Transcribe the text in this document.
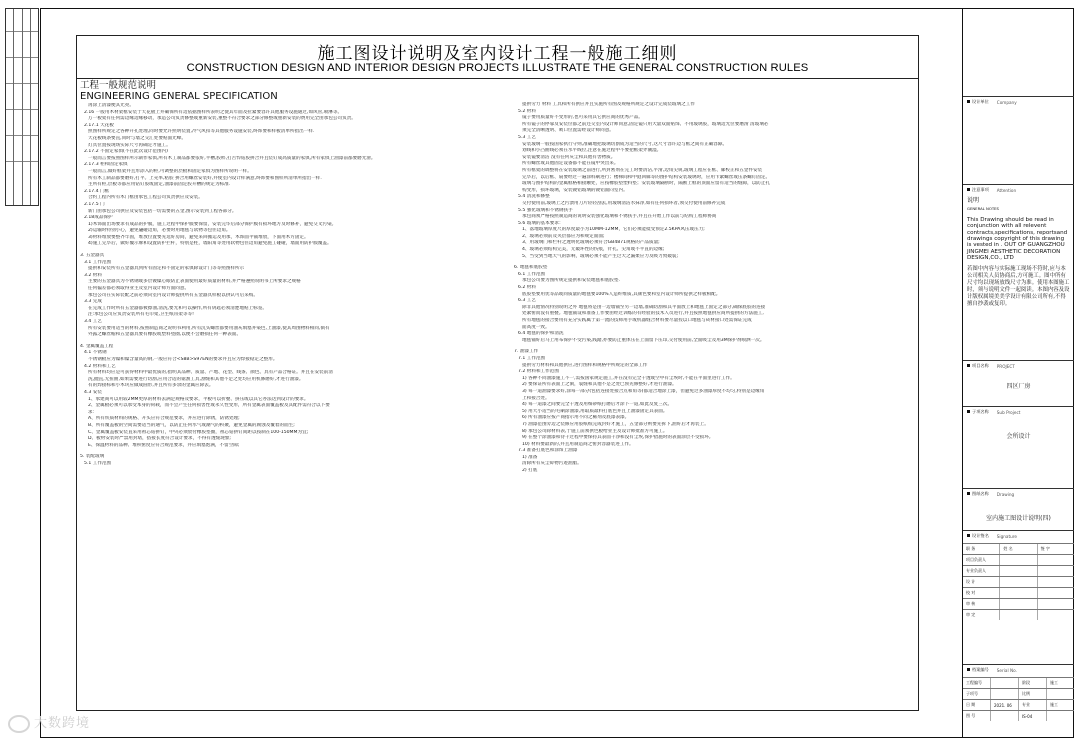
施工图设计说明及室内设计工程一般施工细则
CONSTRUCTION DESIGN AND INTERIOR DESIGN PROJECTS ILLUSTRATE THE GENERAL CONSTRUCTION RULES
工程一般规范说明
ENGINEERING GENERAL SPECIFICATION
再涂上清漆便其光亮。
2.16 一般用木材架框安装于天花板上并确保所有边依据图样所表明之使其年面及拉紧要容许其他服务设施通过,如风管,喷淋等。
万一板架有任何需边缘边缘移动，承造公司负责修整或重新安装,重整不符合要求之部分修整或重新安装的费用完全由承包公司负责。
2.17.1 天花板
照图样所规定之各种开孔处理,同时要允许照明装置,冷气风扣等其他服务设施安装,终饰要和样板清单所指出一样.
天花板线条要直,同时与墙之交汇处要贴面光峰。
灯具位置按现场实际尺寸再确定才施工。
2.17.2 不固定家俱(不在此次设计范围内)
一般而言要按照图样所示制作家俱,所有木工制品都要依好,平槽,胶粹,打舌悍钻胶拼合并且装钉成高质量的家俱,所有家俱上油漆前都要磨光滑。
2.17.3 柜和固定家俱
一般而言,做好框架并且形添入的柜,可调整的层板和固定家俱为图样所说明一样。
所有木工制品都要磨好,打平。上壳率,粘胶 拼合用螺丝安装好,并使室内设计样满意,终饰要和图样所清单所指出一样.
主所有柜,层板等都应用钻钉胶或固定,油漆前固定胶开槽的规定为标准.
2.17.4 门框
合约工程内所有木门框由承包工程公司负责供应及安装。
2.17.5 门
新门由承包公司供应及安装包括一切需要的五金,图示安装到工程各部分。
2.18成品保护
1)木饰面出场要求有成品的护膜，施工过程中保护膜要保留，安装完毕后部分保护膜有损坏地方及时修补，避免交叉污染。
2)运输时特别小心，避免磕碰边角，必要时用地毯与软物等包住边角。
3)材料堆放要整齐牢固，堆放位置要先选好房间，避免来回搬运及用承，木饰面平铺堆放，下面用木方固定。
4)施工完毕后，做好覆示牌和设置防护拦杆，特别是柱，墙阳角等处用软物包住边角避免施工碰碰，墙面用防护膜覆盖。
3. 五金器具
3.1 工作范围
提供和安装所有五金器具到所有固定和不固定的家俱除设计门等等照图样所示
3.2 材料
主要的五金器具为不锈钢或多层镀镍心眼防止表面使用最好质量的材料,并严格遵照说明书上所要求之规格
任何偏差都必须取得业主及室内设计师方面同意。
承包公司在实际装配之前必须向室内设计师提供所有五金器具样板以供认可后采购。
3.3 完成
在完成工作时所有五金器都被擦油,清洗,要光和可以操作,所有钥匙必须清楚地贴上标签。
注:承包公司应负责安装所有毛巾架,卫生纸吊架等等!
3.4 工艺
所有安装要用适当的材料,按照制造商之说明书利用,所有沉头螺丝都要用油灰填塞并染色,上油漆,使其周围物料相同,倘有
外露之螺丝帽和五金器具要有橡胶或塑料垫圈,以便不会磨损任何一种表面。
4. 金属覆盖工程
4.1 不锈钢
不锈钢板应为镍和镍含量高的钢,一般应符合<S8B>S97EN的要求并且应为焊接稳定之整形。
4.2 材料和工艺
所有材料均应是可获得材料中最优质的,指明其品种、质量、产地、花型、线条、颜色、具有产品合格证。并且在安装前清
洗,抛直,无扭曲,如果需要进行切割,应用合适的锯割工具,割缝和其他不足之处均应用机修磨好,才进行油漆。
有的焊接标和小木块应做成圆形,并且所有多余的金属应除去。
4.3 安装
1、承建商可以用较2MM更厚的材料去满足规格及要求，平板可以折叠、挤压或以其它办法达到设计的要求。
2、金属板必须可以承受本身的荷载，而不会产生任何损害性或永久性变形，所有金属表面覆盖板及其配件需符合以下要
求：
A、所有铁质材料的规格、开头应符合规范要求，并应进行除锈，防锈处理;
B、所有覆盖板的空间需要适当的通气，以防止任何水气或潮气的积聚，避免金属的腐蚀及覆着的面生;
C、金属覆盖板安装直采用祖芯钻拼钉，中央必须放付橡胶垫圈，祖芯钻拼钉间距以按制在100-150MM为宜;
D、板材安装时严禁用封堵，搭接长度符合设计要求，不得有透缝现象;
E、保温材料的品种、堆积密度应符合规范要求，并应填塞饱满，不留空隙;
5. 装配玻璃
5.1 工作范围
提供劳力 材料 工具和所有供应并且实施所有图及规格所规定之设计完成装玻璃之工作
5.2 材料
镜子要用质量好不变形的,也可采用其它供应商的优秀产品。
所有镜子的停靠及安装位都之前还交室内设计师同意,固定镜只用大量双面贴饰、不用玻璃胶，玻璃边光位要磨滑 清玻璃必
须完全清晰透明、吸口位置需经设计师同意。
5.3 工艺
安装玻璃一般按国家执行守则,准确地把玻璃切割成为适当的尺寸,这尺寸容许边与框之间有正确容隙。
划线和小凸曲线必须在水平线位,注意在施过程中不要把框架弄潮湿。
安装镜要清洁 没有任何灰尘和其他有害物质。
所有螺丝或其他固定设备都不能在镜中突出来。
所有框架的调整将在安装玻璃之前进行,所封密剂在完工时要清洁,平滑,边角尖锐,玻璃工程应在框、廊校正和五金件安装
完毕后，以后框、扇要经过一遍涂料刷进行；楼梯间和中庭回廊等的围护结构安装玻璃时，应用卡紧螺丝或压条螺钉固定。
玻璃与围护结构的金属框格相接触处，应按橡胶垫塑料垫；安装玻璃隔断时，隔断上框的顶面应留有适当的缝隙，以防止扎
构变形，损坏玻璃，安装镀铝玻璃的镀铝面向室内。
5.4 清洗和修整
交付使用前,玻璃上之污溃用刀片轻轻刮去,用玻璃清洁水抹净,如有任何损坏者,须交付使用前修补完成
5.5 强化玻璃和不锈钢扶手
承包商须严格按照制造商的说明安装强化玻璃和不锈扶手,并且在开始工作以前与结构工程师协商
5.6 玻璃的基本要求：
1、落地玻璃厚度尺的厚度最小为10MM-12MM，它们必须能抵受预定2.5KPA风压或压力;
2、玻璃必须前及夹层都应为和规定面面;
3、用玻璃门和栏杆之透明化玻璃必须符合GB4871规格的产品质量;
4、玻璃必须结构完美，无破坏性的伤痕，针孔、尖角或不平直的边缘;
5、当受到当地天气的影响，玻璃必须不能产生过大之漏柔应力及吸力致破裂;
6. 地毯和底胶垫
6.1 工作范围
承包公司要为图所规定提供和安装地毯和底胶垫.
6.2 材料
底胶垫要用优等品或同质量的地毯要100%人造纤维质,其颜色要和室内设计师所提供之样板相配。
6.3 工艺
除非其他情况特别说明之外 地毯将是由一边墙铺至另一边墙,准确切割和其平面放上和地毯上固定之部分,确保底胶的连接
处紧密而没有重叠。地毯铺设和准备工作要由经过训练的有经验的技术人员进行,并且按照地毯供应商所提供的方法施工,
所有地毯的接合要用有充分实践属于第一流的技师用手或机器缝合材料要尽量投以口地毯与砖材接口处需保证完成
面高度一致。
6.4 地毯的保护和清洗
地毯铺好后马上用布保护不受污染,践踏,亦要防止重体压在上面留下压印,交付使用前,全面吸尘及用3M保护剂喷洒一次。
7. 油漆工作
7.1 工作范围
提供劳力材料和其他供应,进行图样和规格中所规定的全部工作
7.2 材料和工作范围
1) 各种不同油漆施工不一,需按国家规定施工,并在没有完全干透或空中有尘埃时,不能在平面里进行工作。
2) 要保证所有表面上之洞，裂缝和其他不是之处已预先修整好,才进行油漆。
3) 每一道油漆要求好,涂每一部分(包括连接处接合点和角等)都适合地涂上漆，但避免过多油漆厚度不均匀,特别是边缘角
上和接合处。
4) 每一道漆之间要完全干透及用细砂纸打磨后才涂下一道,如此反复三次。
5) 用大小适当的毛刷涂油漆,用取质最料打底色并且上油漆固定其表面。
6) 所有油漆应按产商指示用不同之稀剂及底漆表漆。
7) 油漆范围旁边之装修应用胶纸纸完成封好才施工，五金部分则要先拆下,油好后才再装上。
8) 承包公司除材料表,于施工前须供色板给业主及设计师批准方可施工。
9) 在整个涂油漆和待干过程中要保持其表面干净和没有尘埃,保护措施时的表面涂层不受损坏。
10) 材料要最新的,并且用制造商之密封容器装进工作。
7.3 准备打底色和涂饰上油漆
1) 准备
清除所有灰尘碎物污迹油脂。
2) 打底
大数跨境
设计单位 Company
注意事项 Attention
说明
GENERAL NOTES
This Drawing should be read in conjunction with all relevent contracts,specifications, reportsand drawings copyright of this drawing is vested in . OUT OF GUANGZHOU JINGMEI AESTHETIC DECORATION DESIGN,CO., LTD
若图中内容与实际施工现场不符时,应与本公司相关人员协商后,方可施工。图中所有尺寸均以现场放线尺寸为准。使用本图施工时，须与说明文件一起阅读。本图内容及设计版权属境美美学设计有限公司所有,不得擅自抄袭或复印。
项目名称 PROJECT
四区厂房
子项名称 Sub Project
会所设计
图纸名称 Drawing
室内施工图设计说明(四)
设计签名 Signature
职 务	姓 名	签 字
项目负责人
专业负责人
设 计
校 对
审 核
审 定
档案编号 Serial No.
工程编号	阶段	施工
子项号	比例
日 期	2021. 06	专业	施工
图 号	IS-04
